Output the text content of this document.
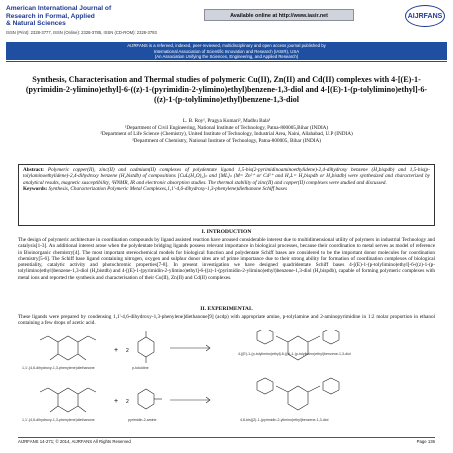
American International Journal of
Research in Formal, Applied
& Natural Sciences
ISSN (Print): 2328-3777, ISSN (Online): 2328-3785, ISSN (CD-ROM): 2328-3793
Available online at http://www.iasir.net	AIJRFANS
AIJRFANS is a refereed, indexed, peer-reviewed, multidisciplinary and open access journal published by
International Association of Scientific Innovation and Research (IASIR), USA
(An Association Unifying the Sciences, Engineering, and Applied Research)
Synthesis, Characterisation and Thermal studies of polymeric Cu(II), Zn(II) and Cd(II) complexes with 4-[(E)-1-(pyrimidin-2-ylimino)ethyl]-6-((z)-1-(pyrimidin-2-ylimino)ethyl)benzene-1,3-diol and 4-[(E)-1-(p-tolylimino)ethyl]-6-((z)-1-(p-tolylimino)ethyl)benzene-1,3-diol
L. B. Roy¹, Pragya Kumari², Madhu Bala³
¹Department of Civil Engineering, National Institute of Technology, Patna-800005,Bihar (INDIA)
²Department of Life Science (Chemistry), United Institute of Technology, Industrial Area, Naini, Allahabad, U.P (INDIA)
³Department of Chemistry, National Institute of Technology, Patna-800005, Bihar (INDIA)
Abstract: Polymeric copper(II), zinc(II) and cadmium(II) complexes of polydentate ligand 1,5-bis(2-pyrimidinoaminoethylidene)-2,4-dihydroxy benzene (H₂bispdb) and 1,5-bis(p-tolylaminoethylidene)-2,4-dihydroxy benzene (H₂bistdb) of compositions [CuL(H₂O)₂]ₙ and [ML]ₙ (M= Zn²⁺ or Cd²⁺ and H₂L= H₂bispdb or H₂bistdb) were synthesized and characterized by analytical results, magnetic susceptibility, ¹HNMR, IR and electronic absorption studies. The thermal stability of zinc(II) and copper(II) complexes were studied and discussed.
Keywords: Synthesis, Characterization Polymeric Metal Complexes,1,1'-4,6-dihydroxy-1,3-phenylene)diethanone Schiff bases
I. INTRODUCTION
The design of polymeric architecture in coordination compounds by ligand assisted reaction have aroused considerable interest due to multidimensional utility of polymers in industrial Technology and catalysis[1-3]. An additional interest arose when the polydentate bridging ligands possess relevant importance in biological processes, because their coordination to metal serves as model of reference in Bioinorganic chemistry[4]. The most important stereochemical models for biological function and polydentate Schiff bases are considered to be the important donor molecules for coordination chemistry[5-6]. The Schiff base ligand containing nitrogen, oxygen and sulphur donor sites are of prime importance due to their strong ability for formation of coordination complexes of biological potentiality, catalytic activity and photochromic properties[7-8]. In present investigation we have designed quadridentate Schiff bases 4-[(E)-1-(p-tolylimino)ethyl]-6-((z)-1-(p-tolylimino)ethyl)benzene-1,3-diol (H₂bistdb) and 4-[(E)-1-(pyrimidin-2-ylimino)ethyl]-6-((z)-1-(pyrimidin-2-ylimino)ethyl)benzene-1,3-diol (H₂bispdb), capable of forming polymeric complexes with metal ions and reported the synthesis and characterisation of their Cu(II), Zn(II) and Cd(II) complexes.
II. EXPERIMENTAL
These ligands were prepared by condensing 1,1'-4,6-dihydroxy-1,3-phenylene]diethanone[9] (acdp) with appropriate amine, p-tolylamine and 2-aminopyrimidine in 1:2 molar proportion in ethanol containing a few drops of acetic acid.
+ 2
+ 2
1,1'-(4,6-dihydroxy-1,3-phenylene)diethanone	p-toluidine
4-[(E)-1-(p-tolylimino)ethyl]-6-((z)-1-(p-tolylimino)ethyl)benzene-1,3-diol
1,1'-(4,6-dihydroxy-1,3-phenylene)diethanone	pyrimidin-2-amine	4,6-bis[(Z)-1-(pyrimidin-2-ylimino)ethyl]benzene-1,3-diol
AIJRFANS 14-271; © 2014, AIJRFANS All Rights Reserved	Page 136
